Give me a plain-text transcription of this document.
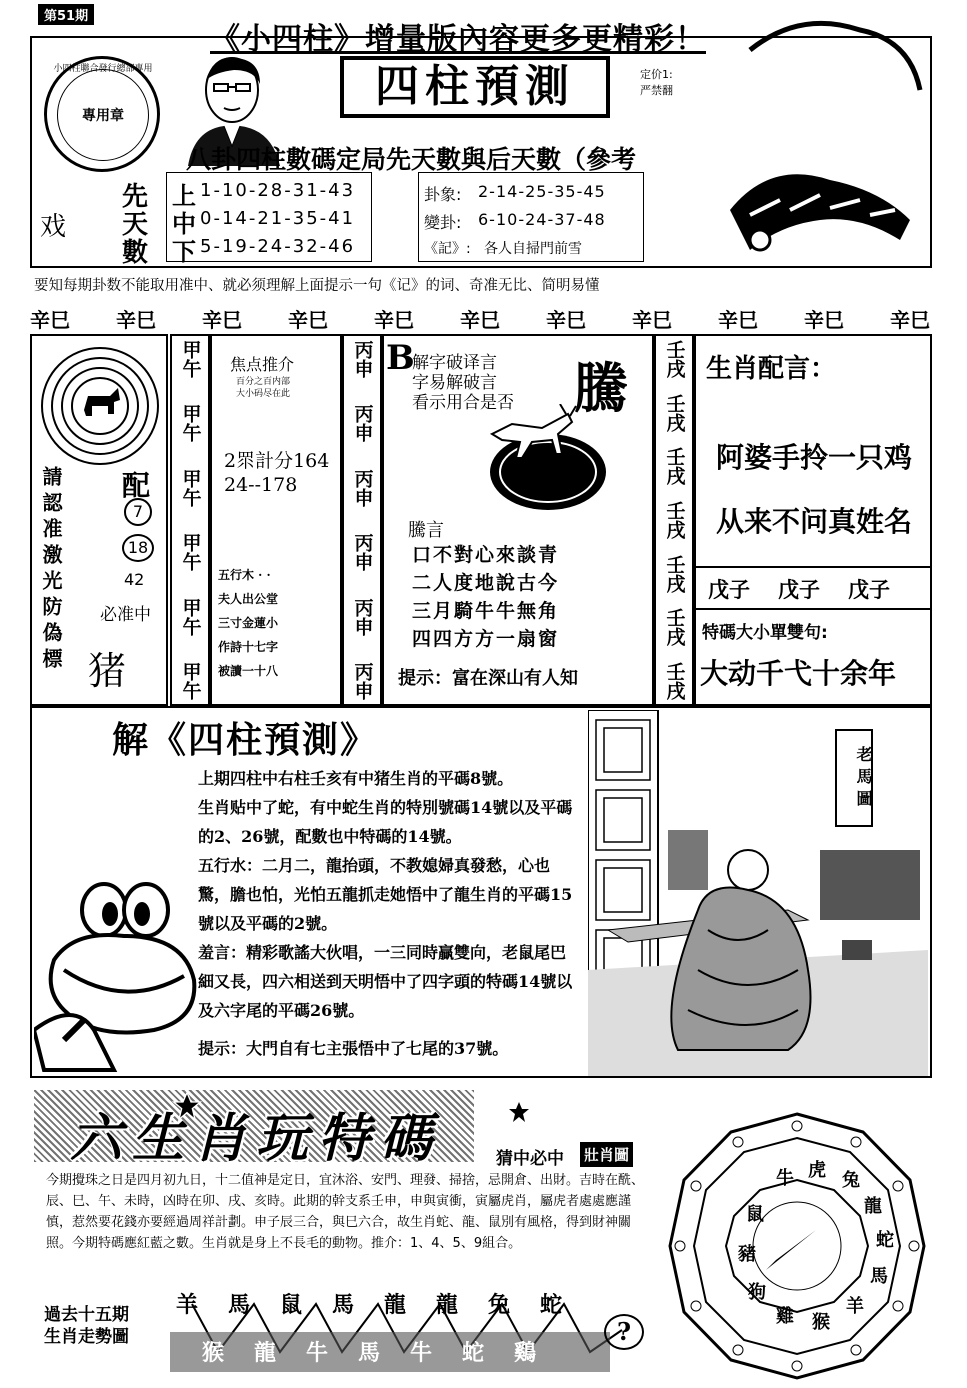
第51期
《小四柱》增量版內容更多更精彩！
小四柱聯合發行總部專用
專用章
四柱預測	定价1:
严禁翻
八卦四柱數碼定局先天數與后天數（參考
戏
先
天
數
上 1-10-28-31-43
中 0-14-21-35-41
下 5-19-24-32-46
卦象: 2-14-25-35-45
變卦: 6-10-24-37-48
《記》: 各人自掃門前雪
要知每期卦数不能取用准中、就必须理解上面提示一句《记》的词、奇准无比、简明易懂
辛巳 辛巳 辛巳 辛巳 辛巳 辛巳 辛巳 辛巳 辛巳 辛巳 辛巳
請認准激光防偽標 配
7
18
42
必准中
猪
甲午
甲午
甲午
甲午
甲午
甲午
焦点推介
百分之百内部
大小码尽在此
2眔計分164
24--178
五行木 · ·
夫人出公堂
三寸金蓮小
作詩十七字
被讀一十八
丙申
丙申
丙申
丙申
丙申
丙申
B
解字破译言
字易解破言
看示用合是否 騰
騰言
口不對心來談青
二人度地說古今
三月騎牛牛無角
四四方方一扇窗
提示：富在深山有人知
壬戌
壬戌
壬戌
壬戌
壬戌
壬戌
壬戌
生肖配言：
阿婆手拎一只鸡
从来不问真姓名
戊子 戊子 戊子
特碼大小單雙句:
大动千弋十余年
解《四柱預測》
上期四柱中右柱壬亥有中猪生肖的平碼8號。
生肖贴中了蛇，有中蛇生肖的特別號碼14號以及平碼的2、26號，配數也中特碼的14號。
五行水：二月二，龍抬頭，不教媳婦真發愁，心也驚，膽也怕，光怕五龍抓走她悟中了龍生肖的平碼15號以及平碼的2號。
羞言：精彩歌謠大伙唱，一三同時贏雙向，老鼠尾巴細又長，四六相送到天明悟中了四字頭的特碼14號以及六字尾的平碼26號。
提示：大門自有七主張悟中了七尾的37號。
老馬圖
六生肖玩特碼	猜中必中 壯肖圖
今期攪珠之日是四月初九日，十二值神是定日，宜沐浴、安門、理發、掃捨，忌開倉、出財。吉時在酰、辰、巳、午、未時，凶時在卯、戌、亥時。此期的幹支系壬申，申與寅衝，寅屬虎肖，屬虎者處處應謹慎，惹然要花錢亦要經過周祥計劃。申子辰三合，與巳六合，故生肖蛇、龍、鼠別有風格，得到財神關照。今期特碼應紅藍之數。生肖就是身上不長毛的動物。推介：1、4、5、9組合。
過去十五期
生肖走勢圖
羊 馬 鼠 馬 龍 龍 兔 蛇
猴 龍 牛 馬 牛 蛇 鷄
?
牛 虎 兔
龍
蛇
馬
羊
猴
雞
狗
豬
鼠
